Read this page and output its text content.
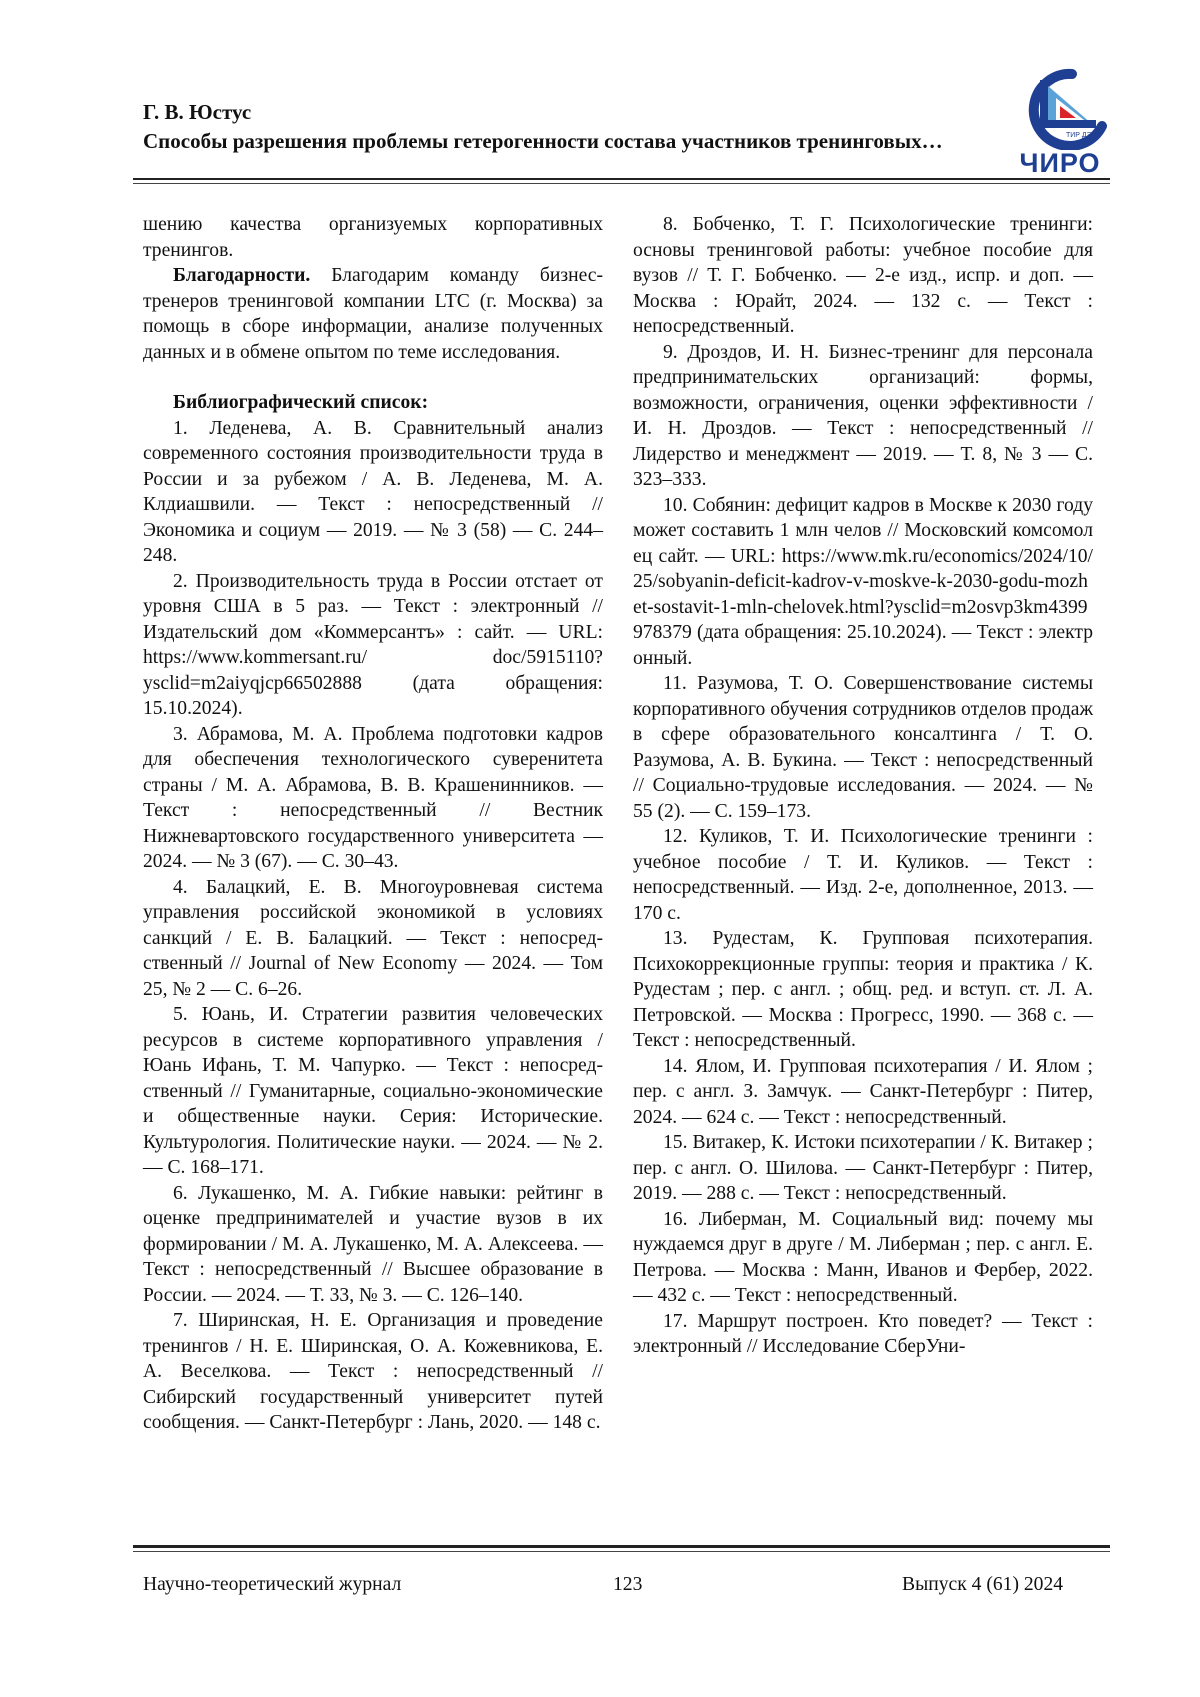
Г. В. Юстус
Способы разрешения проблемы гетерогенности состава участников тренинговых…	ТИР ДЭВ
ЧИРО

шению качества организуемых корпоративных тренингов.

Благодарности. Благодарим команду бизнес-тренеров тренинговой компании LTC (г. Москва) за помощь в сборе информации, анализе полученных данных и в обмене опытом по теме исследования.

Библиографический список:

1. Леденева, А. В. Сравнительный анализ современного состояния производительности труда в России и за рубежом / А. В. Леденева, М. А. Клдиашвили. — Текст : непосредственный // Экономика и социум — 2019. — № 3 (58) — С. 244–248.

2. Производительность труда в России отстает от уровня США в 5 раз. — Текст : электронный // Издательский дом «Коммерсантъ» : сайт. — URL: https://www.kommersant.ru/ doc/5915110?ysclid=m2aiyqjcp66502888 (дата обращения: 15.10.2024).

3. Абрамова, М. А. Проблема подготовки кадров для обеспечения технологического суверенитета страны / М. А. Абрамова, В. В. Крашенинников. — Текст : непосредственный // Вестник Нижневартовского государственного университета — 2024. — № 3 (67). — С. 30–43.

4. Балацкий, Е. В. Многоуровневая система управления российской экономикой в условиях санкций / Е. В. Балацкий. — Текст : непосредственный // Journal of New Economy — 2024. — Том 25, № 2 — С. 6–26.

5. Юань, И. Стратегии развития человеческих ресурсов в системе корпоративного управления / Юань Ифань, Т. М. Чапурко. — Текст : непосредственный // Гуманитарные, социально-экономические и общественные науки. Серия: Исторические. Культурология. Политические науки. — 2024. — № 2. — С. 168–171.

6. Лукашенко, М. А. Гибкие навыки: рейтинг в оценке предпринимателей и участие вузов в их формировании / М. А. Лукашенко, М. А. Алексеева. — Текст : непосредственный // Высшее образование в России. — 2024. — Т. 33, № 3. — С. 126–140.

7. Ширинская, Н. Е. Организация и проведение тренингов / Н. Е. Ширинская, О. А. Кожевникова, Е. А. Веселкова. — Текст : непосредственный // Сибирский государственный университет путей сообщения. — Санкт-Петербург : Лань, 2020. — 148 с.

8. Бобченко, Т. Г. Психологические тренинги: основы тренинговой работы: учебное пособие для вузов // Т. Г. Бобченко. — 2-е изд., испр. и доп. — Москва : Юрайт, 2024. — 132 с. — Текст : непосредственный.

9. Дроздов, И. Н. Бизнес-тренинг для персонала предпринимательских организаций: формы, возможности, ограничения, оценки эффективности / И. Н. Дроздов. — Текст : непосредственный // Лидерство и менеджмент — 2019. — Т. 8, № 3 — С. 323–333.

10. Собянин: дефицит кадров в Москве к 2030 году может составить 1 млн челов // Московский комсомолец сайт. — URL: https://www.mk.ru/economics/2024/10/25/sobyanin-deficit-kadrov-v-moskve-k-2030-godu-mozhet-sostavit-1-mln-chelovek.html?ysclid=m2osvp3km4399978379 (дата обращения: 25.10.2024). — Текст : электронный.

11. Разумова, Т. О. Совершенствование системы корпоративного обучения сотрудников отделов продаж в сфере образовательного консалтинга / Т. О. Разумова, А. В. Букина. — Текст : непосредственный // Социально-трудовые исследования. — 2024. — № 55 (2). — С. 159–173.

12. Куликов, Т. И. Психологические тренинги : учебное пособие / Т. И. Куликов. — Текст : непосредственный. — Изд. 2-е, дополненное, 2013. — 170 с.

13. Рудестам, К. Групповая психотерапия. Психокоррекционные группы: теория и практика / К. Рудестам ; пер. с англ. ; общ. ред. и вступ. ст. Л. А. Петровской. — Москва : Прогресс, 1990. — 368 с. — Текст : непосредственный.

14. Ялом, И. Групповая психотерапия / И. Ялом ; пер. с англ. З. Замчук. — Санкт-Петербург : Питер, 2024. — 624 с. — Текст : непосредственный.

15. Витакер, К. Истоки психотерапии / К. Витакер ; пер. с англ. О. Шилова. — Санкт-Петербург : Питер, 2019. — 288 с. — Текст : непосредственный.

16. Либерман, М. Социальный вид: почему мы нуждаемся друг в друге / М. Либерман ; пер. с англ. Е. Петрова. — Москва : Манн, Иванов и Фербер, 2022. — 432 с. — Текст : непосредственный.

17. Маршрут построен. Кто поведет? — Текст : электронный // Исследование СберУни-

Научно-теоретический журнал	123	Выпуск 4 (61) 2024
